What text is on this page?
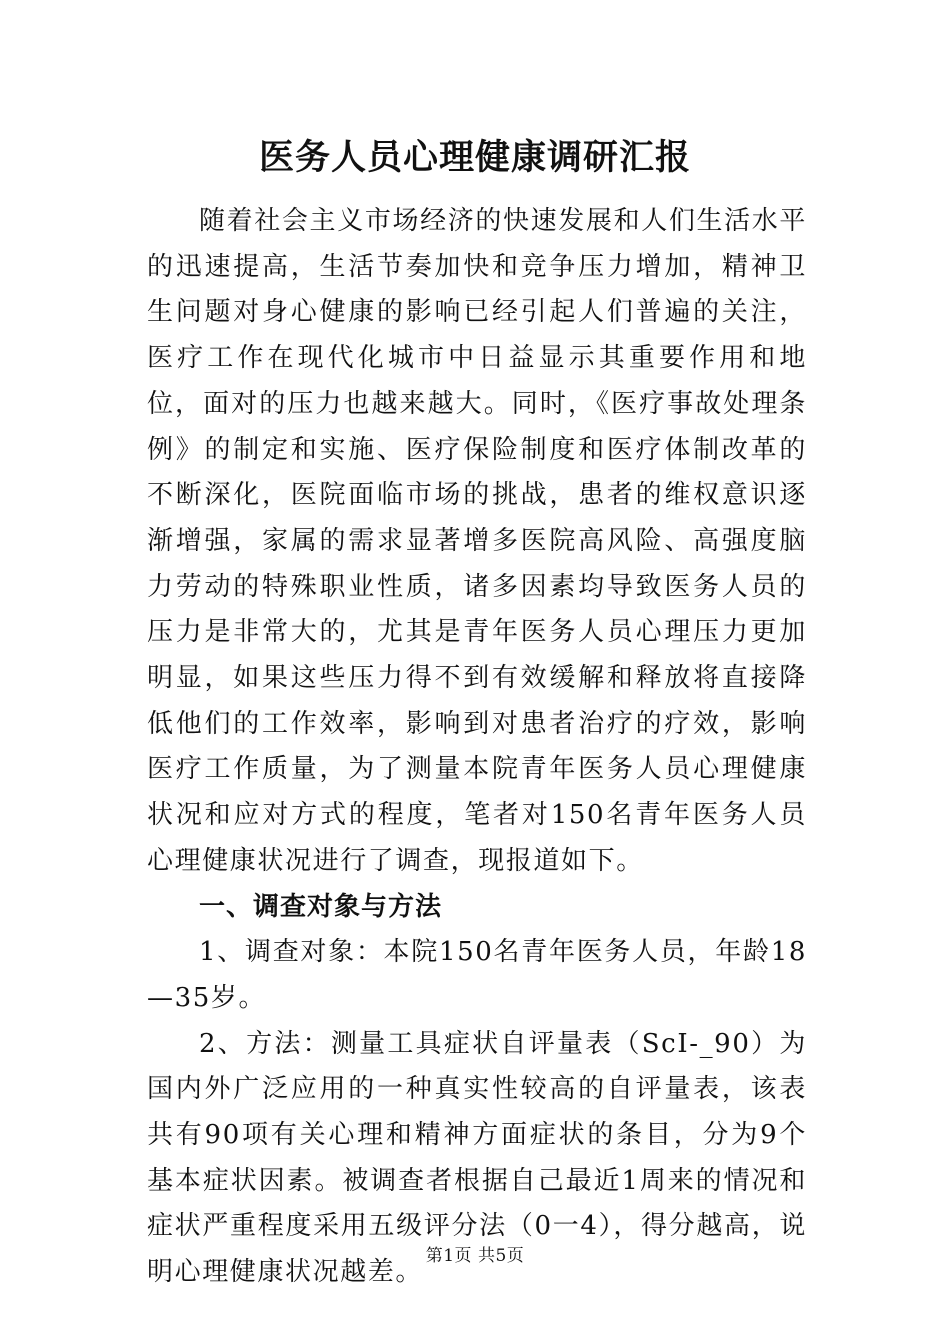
医务人员心理健康调研汇报

随着社会主义市场经济的快速发展和人们生活水平的迅速提高，生活节奏加快和竞争压力增加，精神卫生问题对身心健康的影响已经引起人们普遍的关注，医疗工作在现代化城市中日益显示其重要作用和地位，面对的压力也越来越大。同时，《医疗事故处理条例》的制定和实施、医疗保险制度和医疗体制改革的不断深化，医院面临市场的挑战，患者的维权意识逐渐增强，家属的需求显著增多医院高风险、高强度脑力劳动的特殊职业性质，诸多因素均导致医务人员的压力是非常大的，尤其是青年医务人员心理压力更加明显，如果这些压力得不到有效缓解和释放将直接降低他们的工作效率，影响到对患者治疗的疗效，影响医疗工作质量，为了测量本院青年医务人员心理健康状况和应对方式的程度，笔者对150名青年医务人员心理健康状况进行了调查，现报道如下。

一、调查对象与方法

1、调查对象：本院150名青年医务人员，年龄18—35岁。

2、方法：测量工具症状自评量表（ScI-_90）为国内外广泛应用的一种真实性较高的自评量表，该表共有90项有关心理和精神方面症状的条目，分为9个基本症状因素。被调查者根据自己最近1周来的情况和症状严重程度采用五级评分法（0一4），得分越高，说明心理健康状况越差。

第1页 共5页
